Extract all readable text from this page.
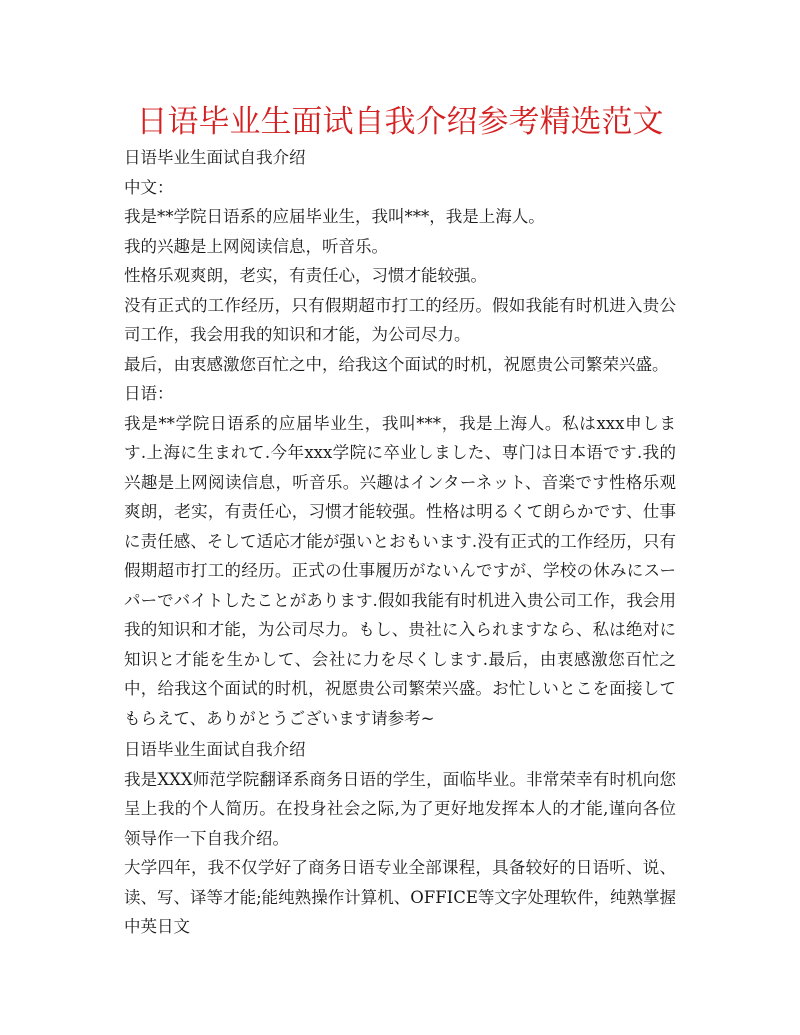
日语毕业生面试自我介绍参考精选范文

日语毕业生面试自我介绍

中文：

我是**学院日语系的应届毕业生，我叫***，我是上海人。

我的兴趣是上网阅读信息，听音乐。

性格乐观爽朗，老实，有责任心，习惯才能较强。

没有正式的工作经历，只有假期超市打工的经历。假如我能有时机进入贵公司工作，我会用我的知识和才能，为公司尽力。

最后，由衷感激您百忙之中，给我这个面试的时机，祝愿贵公司繁荣兴盛。

日语：

我是**学院日语系的应届毕业生，我叫***，我是上海人。私はxxx申します.上海に生まれて.今年xxx学院に卒业しました、専门は日本语です.我的兴趣是上网阅读信息，听音乐。兴趣はインターネット、音楽です性格乐观爽朗，老实，有责任心，习惯才能较强。性格は明るくて朗らかです、仕事に责任感、そして适応才能が强いとおもいます.没有正式的工作经历，只有假期超市打工的经历。正式の仕事履历がないんですが、学校の休みにスーパーでバイトしたことがあります.假如我能有时机进入贵公司工作，我会用我的知识和才能，为公司尽力。もし、贵社に入られますなら、私は绝对に知识と才能を生かして、会社に力を尽くします.最后，由衷感激您百忙之中，给我这个面试的时机，祝愿贵公司繁荣兴盛。お忙しいとこを面接してもらえて、ありがとうございます请参考~

日语毕业生面试自我介绍

我是XXX师范学院翻译系商务日语的学生，面临毕业。非常荣幸有时机向您呈上我的个人简历。在投身社会之际,为了更好地发挥本人的才能,谨向各位领导作一下自我介绍。

大学四年，我不仅学好了商务日语专业全部课程，具备较好的日语听、说、读、写、译等才能;能纯熟操作计算机、OFFICE等文字处理软件，纯熟掌握中英日文
